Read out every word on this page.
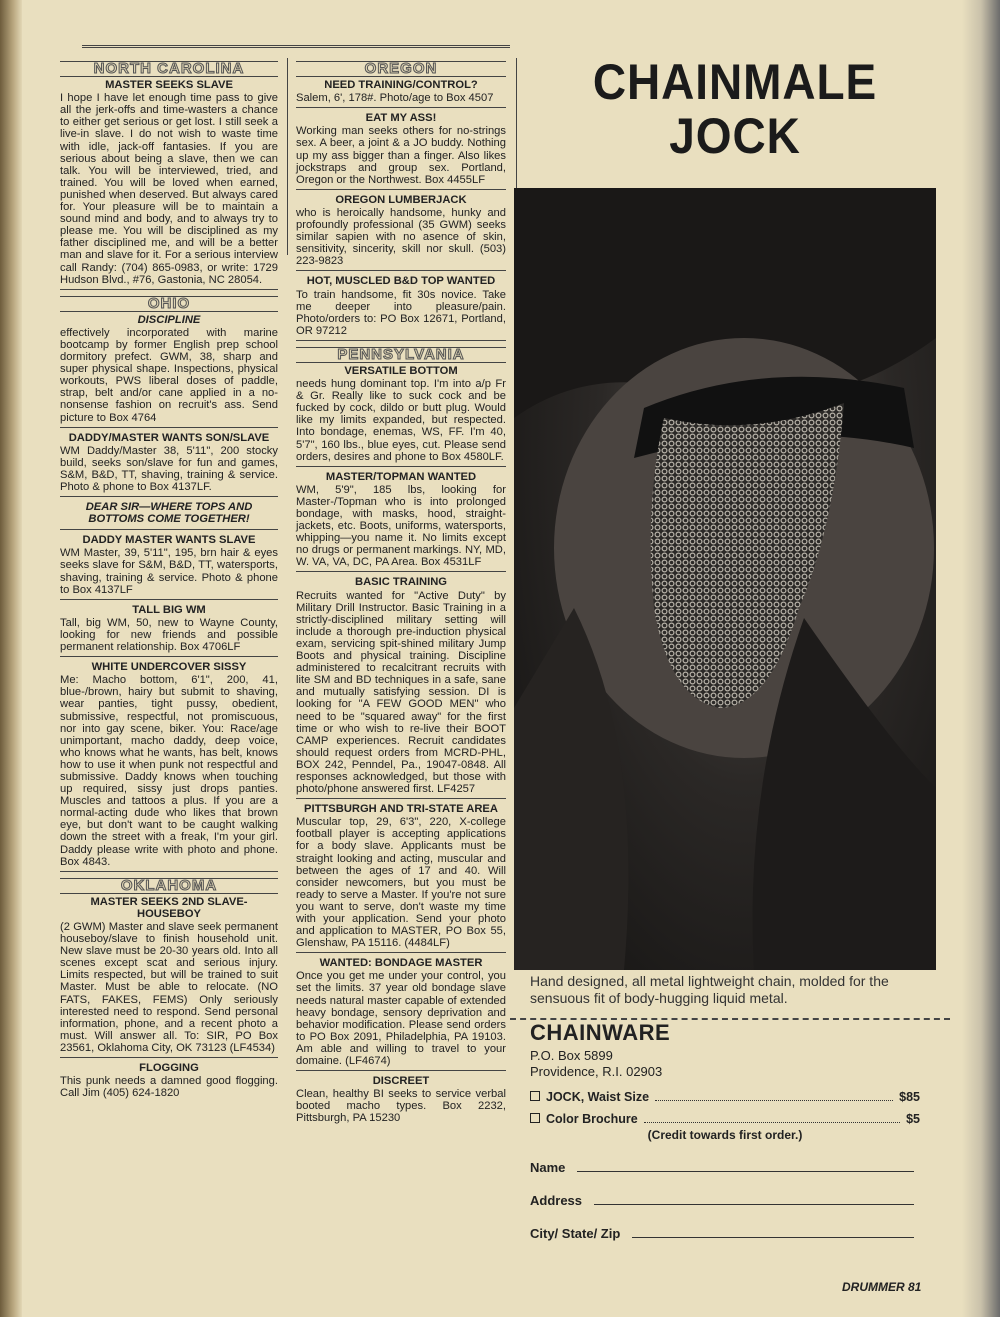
NORTH CAROLINA
MASTER SEEKS SLAVE
I hope I have let enough time pass to give all the jerk-offs and time-wasters a chance to either get serious or get lost. I still seek a live-in slave. I do not wish to waste time with idle, jack-off fantasies. If you are serious about being a slave, then we can talk. You will be interviewed, tried, and trained. You will be loved when earned, punished when deserved. But always cared for. Your pleasure will be to maintain a sound mind and body, and to always try to please me. You will be disciplined as my father disciplined me, and will be a better man and slave for it. For a serious interview call Randy: (704) 865-0983, or write: 1729 Hudson Blvd., #76, Gastonia, NC 28054.
OHIO
DISCIPLINE
effectively incorporated with marine bootcamp by former English prep school dormitory prefect. GWM, 38, sharp and super physical shape. Inspections, physical workouts, PWS liberal doses of paddle, strap, belt and/or cane applied in a no-nonsense fashion on recruit's ass. Send picture to Box 4764
DADDY/MASTER WANTS SON/SLAVE
WM Daddy/Master 38, 5'11", 200 stocky build, seeks son/slave for fun and games, S&M, B&D, TT, shaving, training & service. Photo & phone to Box 4137LF.
DEAR SIR—WHERE TOPS AND BOTTOMS COME TOGETHER!
DADDY MASTER WANTS SLAVE
WM Master, 39, 5'11", 195, brn hair & eyes seeks slave for S&M, B&D, TT, watersports, shaving, training & service. Photo & phone to Box 4137LF
TALL BIG WM
Tall, big WM, 50, new to Wayne County, looking for new friends and possible permanent relationship. Box 4706LF
WHITE UNDERCOVER SISSY
Me: Macho bottom, 6'1", 200, 41, blue-/brown, hairy but submit to shaving, wear panties, tight pussy, obedient, submissive, respectful, not promiscuous, nor into gay scene, biker. You: Race/age unimportant, macho daddy, deep voice, who knows what he wants, has belt, knows how to use it when punk not respectful and submissive. Daddy knows when touching up required, sissy just drops panties. Muscles and tattoos a plus. If you are a normal-acting dude who likes that brown eye, but don't want to be caught walking down the street with a freak, I'm your girl. Daddy please write with photo and phone. Box 4843.
OKLAHOMA
MASTER SEEKS 2ND SLAVE-HOUSEBOY
(2 GWM) Master and slave seek permanent houseboy/slave to finish household unit. New slave must be 20-30 years old. Into all scenes except scat and serious injury. Limits respected, but will be trained to suit Master. Must be able to relocate. (NO FATS, FAKES, FEMS) Only seriously interested need to respond. Send personal information, phone, and a recent photo a must. Will answer all. To: SIR, PO Box 23561, Oklahoma City, OK 73123 (LF4534)
FLOGGING
This punk needs a damned good flogging. Call Jim (405) 624-1820
OREGON
NEED TRAINING/CONTROL?
Salem, 6', 178#. Photo/age to Box 4507
EAT MY ASS!
Working man seeks others for no-strings sex. A beer, a joint & a JO buddy. Nothing up my ass bigger than a finger. Also likes jockstraps and group sex. Portland, Oregon or the Northwest. Box 4455LF
OREGON LUMBERJACK
who is heroically handsome, hunky and profoundly professional (35 GWM) seeks similar sapien with no asence of skin, sensitivity, sincerity, skill nor skull. (503) 223-9823
HOT, MUSCLED B&D TOP WANTED
To train handsome, fit 30s novice. Take me deeper into pleasure/pain. Photo/orders to: PO Box 12671, Portland, OR 97212
PENNSYLVANIA
VERSATILE BOTTOM
needs hung dominant top. I'm into a/p Fr & Gr. Really like to suck cock and be fucked by cock, dildo or butt plug. Would like my limits expanded, but respected. Into bondage, enemas, WS, FF. I'm 40, 5'7", 160 lbs., blue eyes, cut. Please send orders, desires and phone to Box 4580LF.
MASTER/TOPMAN WANTED
WM, 5'9", 185 lbs, looking for Master-/Topman who is into prolonged bondage, with masks, hood, straight-jackets, etc. Boots, uniforms, watersports, whipping—you name it. No limits except no drugs or permanent markings. NY, MD, W. VA, VA, DC, PA Area. Box 4531LF
BASIC TRAINING
Recruits wanted for "Active Duty" by Military Drill Instructor. Basic Training in a strictly-disciplined military setting will include a thorough pre-induction physical exam, servicing spit-shined military Jump Boots and physical training. Discipline administered to recalcitrant recruits with lite SM and BD techniques in a safe, sane and mutually satisfying session. DI is looking for "A FEW GOOD MEN" who need to be "squared away" for the first time or who wish to re-live their BOOT CAMP experiences. Recruit candidates should request orders from MCRD-PHL, BOX 242, Penndel, Pa., 19047-0848. All responses acknowledged, but those with photo/phone answered first. LF4257
PITTSBURGH AND TRI-STATE AREA
Muscular top, 29, 6'3", 220, X-college football player is accepting applications for a body slave. Applicants must be straight looking and acting, muscular and between the ages of 17 and 40. Will consider newcomers, but you must be ready to serve a Master. If you're not sure you want to serve, don't waste my time with your application. Send your photo and application to MASTER, PO Box 55, Glenshaw, PA 15116. (4484LF)
WANTED: BONDAGE MASTER
Once you get me under your control, you set the limits. 37 year old bondage slave needs natural master capable of extended heavy bondage, sensory deprivation and behavior modification. Please send orders to PO Box 2091, Philadelphia, PA 19103. Am able and willing to travel to your domaine. (LF4674)
DISCREET
Clean, healthy BI seeks to service verbal booted macho types. Box 2232, Pittsburgh, PA 15230
CHAINMALE
JOCK
Hand designed, all metal lightweight chain, molded for the sensuous fit of body-hugging liquid metal.
CHAINWARE
P.O. Box 5899
Providence, R.I. 02903
JOCK, Waist Size	$85
Color Brochure	$5
(Credit towards first order.)
Name
Address
City/ State/ Zip
DRUMMER 81
